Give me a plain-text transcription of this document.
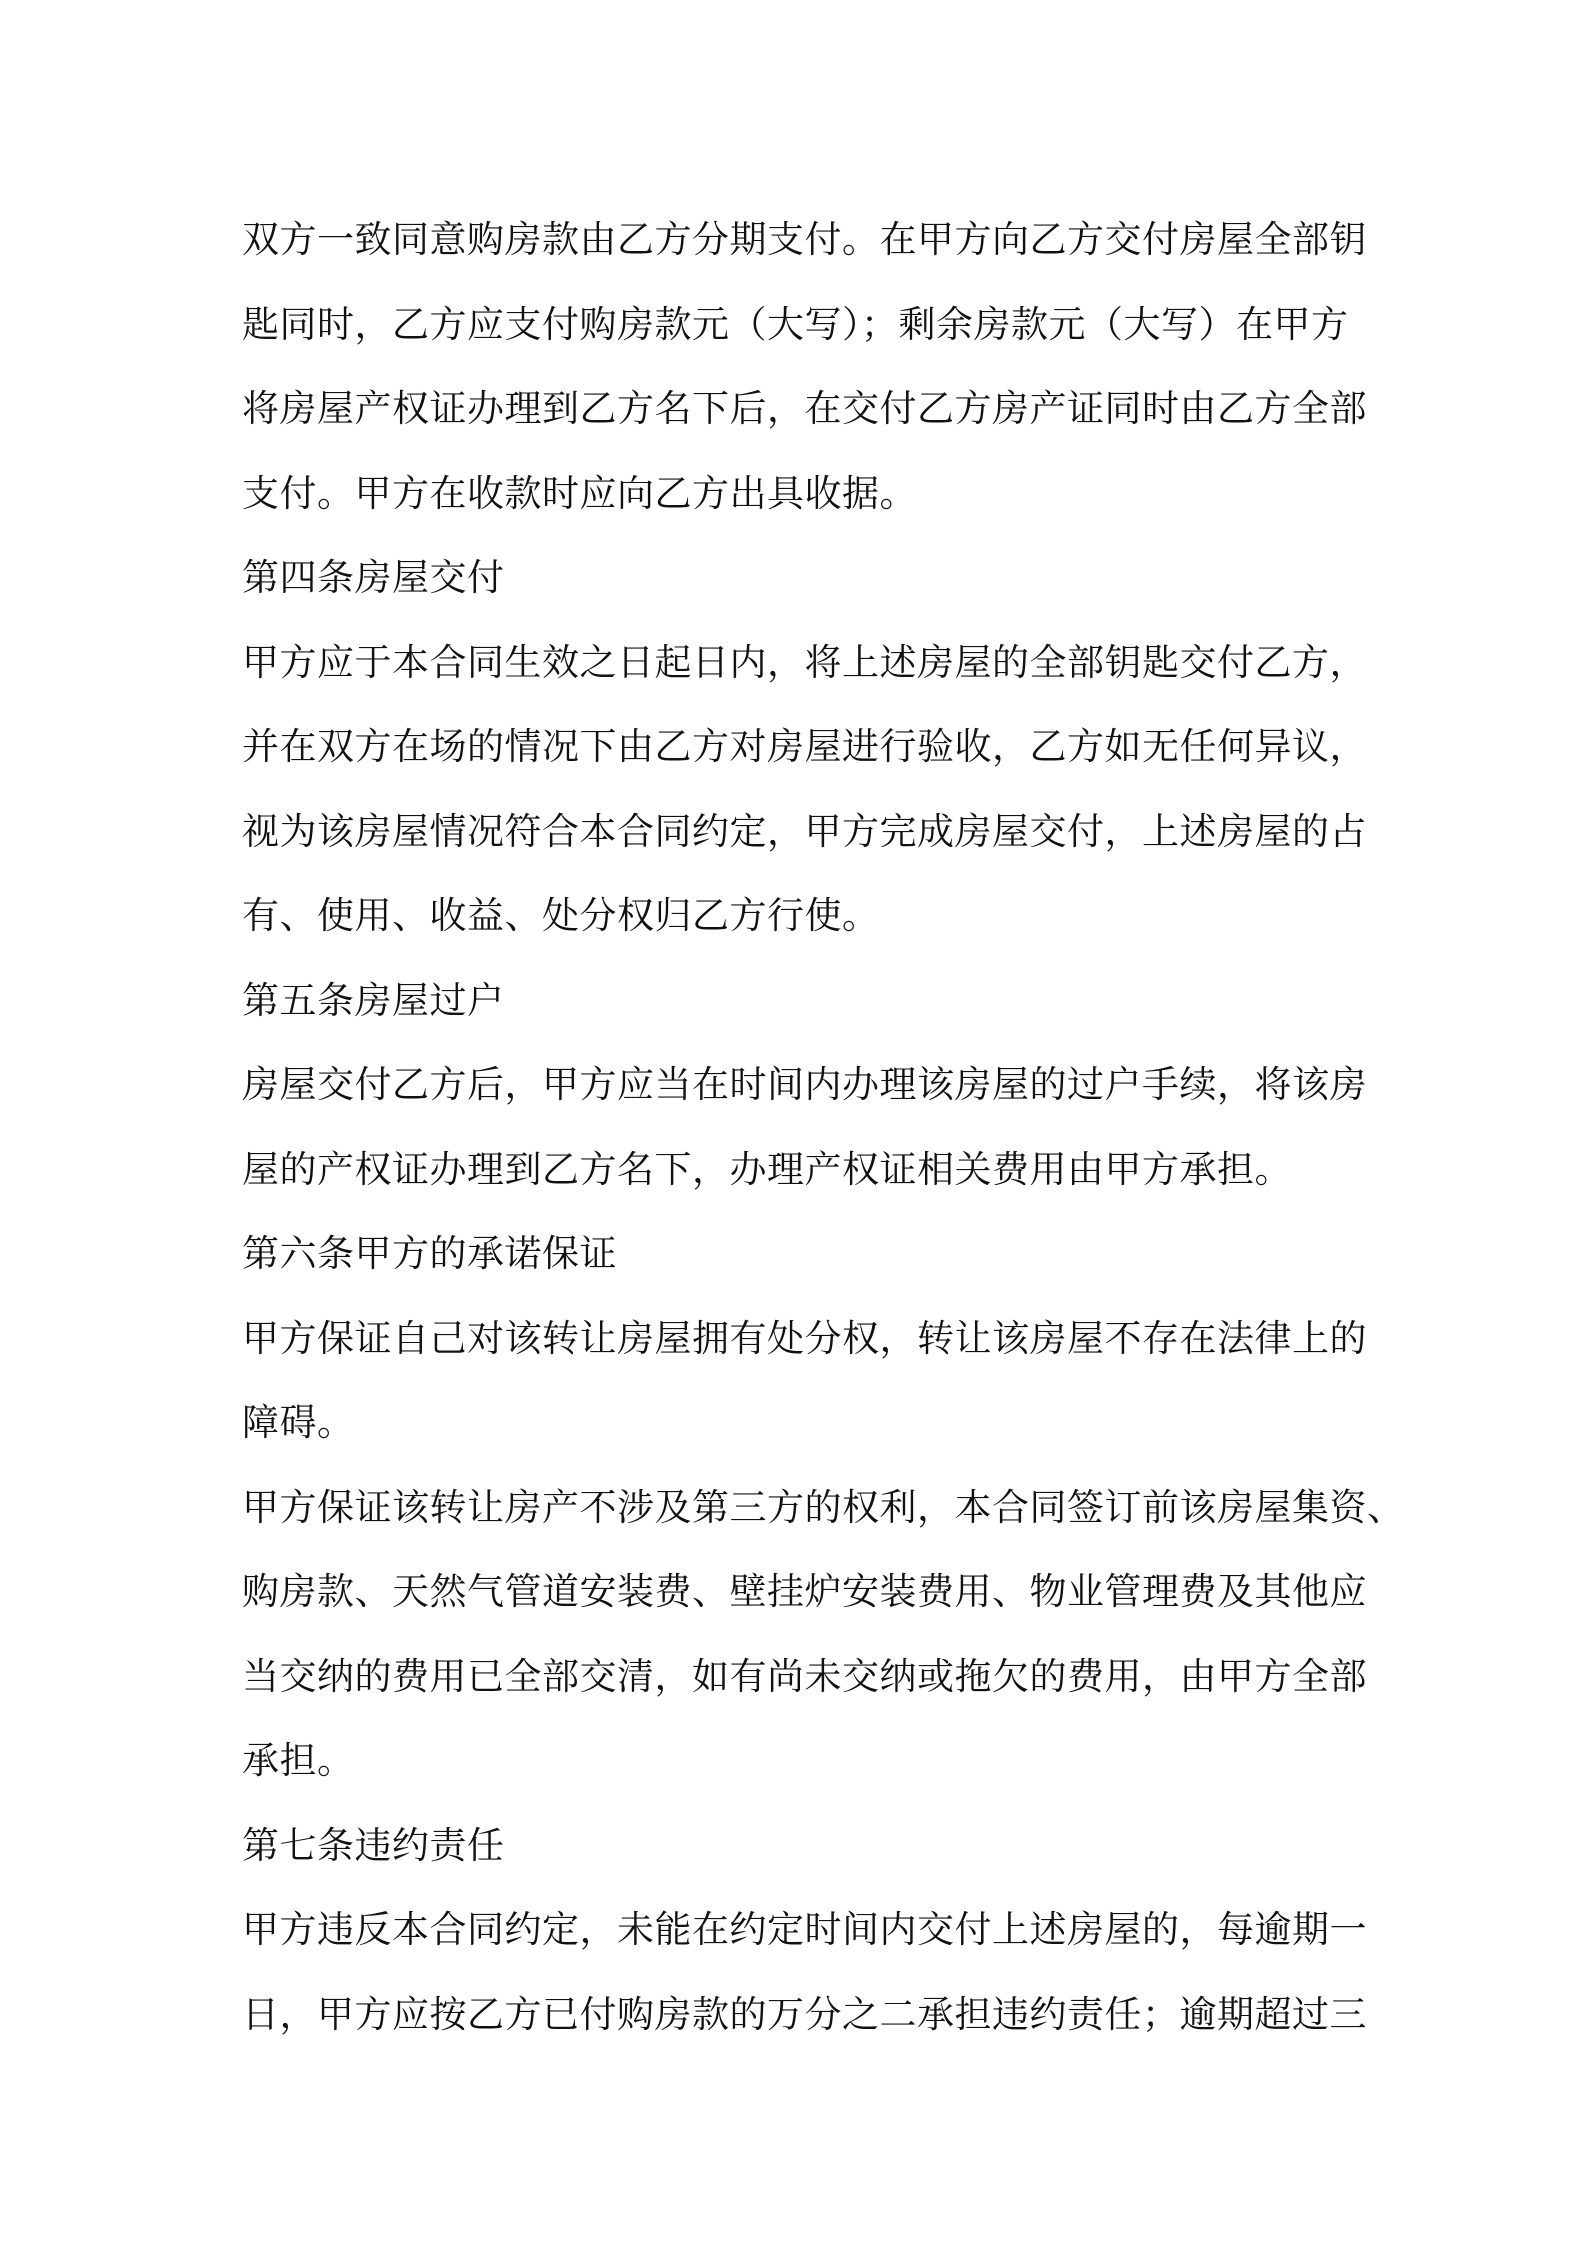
双方一致同意购房款由乙方分期支付。在甲方向乙方交付房屋全部钥
匙同时，乙方应支付购房款元（大写）；剩余房款元（大写）在甲方
将房屋产权证办理到乙方名下后，在交付乙方房产证同时由乙方全部
支付。甲方在收款时应向乙方出具收据。
第四条房屋交付
甲方应于本合同生效之日起日内，将上述房屋的全部钥匙交付乙方，
并在双方在场的情况下由乙方对房屋进行验收，乙方如无任何异议，
视为该房屋情况符合本合同约定，甲方完成房屋交付，上述房屋的占
有、使用、收益、处分权归乙方行使。
第五条房屋过户
房屋交付乙方后，甲方应当在时间内办理该房屋的过户手续，将该房
屋的产权证办理到乙方名下，办理产权证相关费用由甲方承担。
第六条甲方的承诺保证
甲方保证自己对该转让房屋拥有处分权，转让该房屋不存在法律上的
障碍。
甲方保证该转让房产不涉及第三方的权利，本合同签订前该房屋集资、
购房款、天然气管道安装费、壁挂炉安装费用、物业管理费及其他应
当交纳的费用已全部交清，如有尚未交纳或拖欠的费用，由甲方全部
承担。
第七条违约责任
甲方违反本合同约定，未能在约定时间内交付上述房屋的，每逾期一
日，甲方应按乙方已付购房款的万分之二承担违约责任；逾期超过三
